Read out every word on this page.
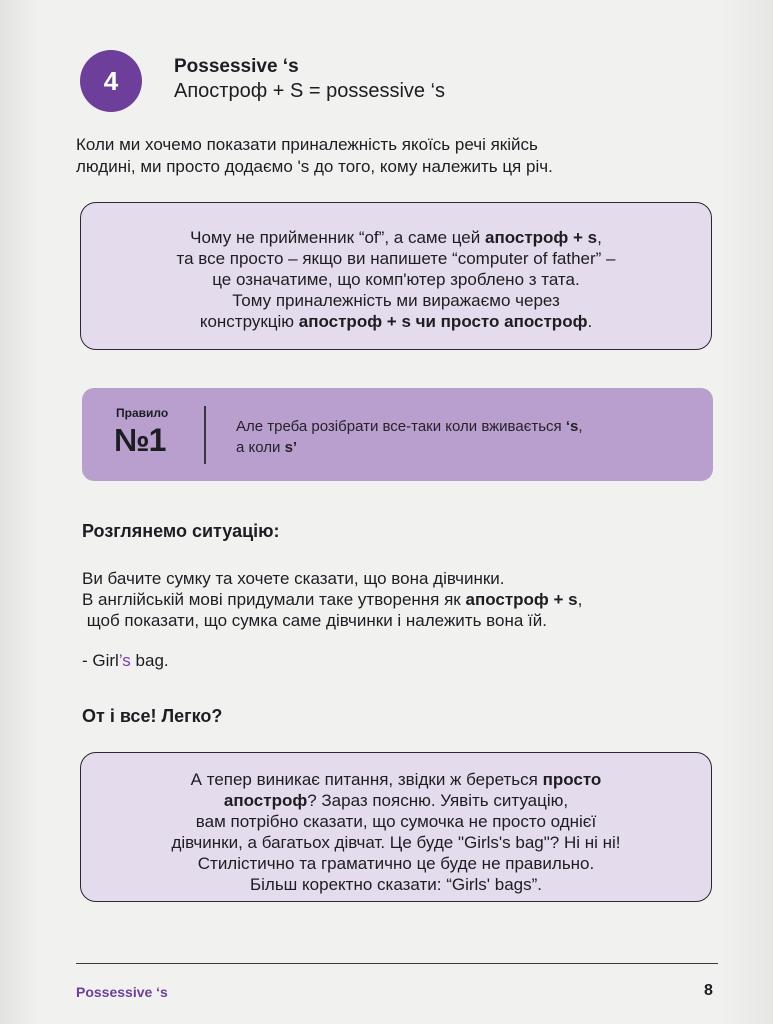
4	Possessive ‘s
Апостроф + S = possessive ‘s
Коли ми хочемо показати приналежність якоїсь речі якійсь
людині, ми просто додаємо 's до того, кому належить ця річ.
Чому не прийменник “of”, а саме цей апостроф + s,
та все просто – якщо ви напишете “computer of father” –
це означатиме, що комп'ютер зроблено з тата.
Тому приналежність ми виражаємо через
конструкцію апостроф + s чи просто апостроф.
Правило
№1	Але треба розібрати все-таки коли вживається ‘s,
а коли s’
Розглянемо ситуацію:
Ви бачите сумку та хочете сказати, що вона дівчинки.
В англійській мові придумали таке утворення як апостроф + s,
щоб показати, що сумка саме дівчинки і належить вона їй.
- Girl’s bag.
От і все! Легко?
А тепер виникає питання, звідки ж береться просто
апостроф? Зараз поясню. Уявіть ситуацію,
вам потрібно сказати, що сумочка не просто однієї
дівчинки, а багатьох дівчат. Це буде "Girls's bag"? Ні ні ні!
Стилістично та граматично це буде не правильно.
Більш коректно сказати: “Girls' bags”.
Possessive ‘s	8
